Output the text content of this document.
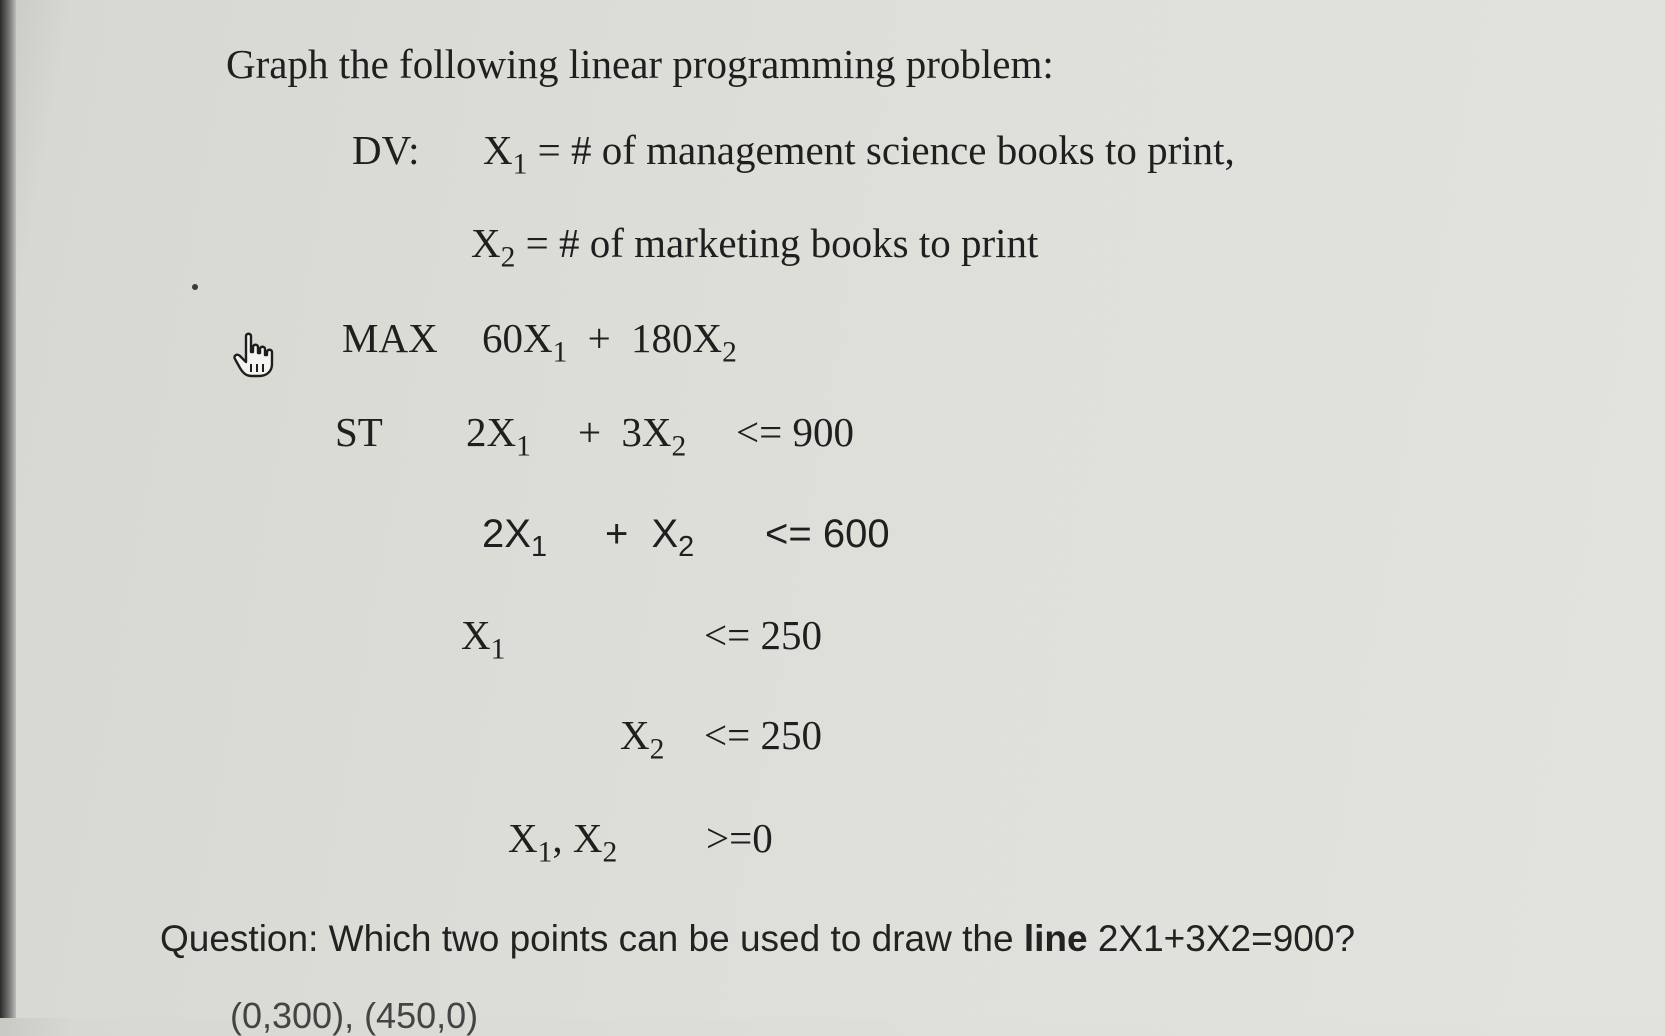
Graph the following linear programming problem:
DV: $X_1$ = # of management science books to print,
$X_2$ = # of marketing books to print
MAX $60X_1 + 180X_2$
ST $2X_1 + 3X_2 <= 900$
$2X_1 + X_2 <= 600$
$X_1$	<= 250
$X_2 <= 250$
$X_1$, $X_2 >=0$
Question: Which two points can be used to draw the line 2X1+3X2=900?
(0,300), (450,0)
